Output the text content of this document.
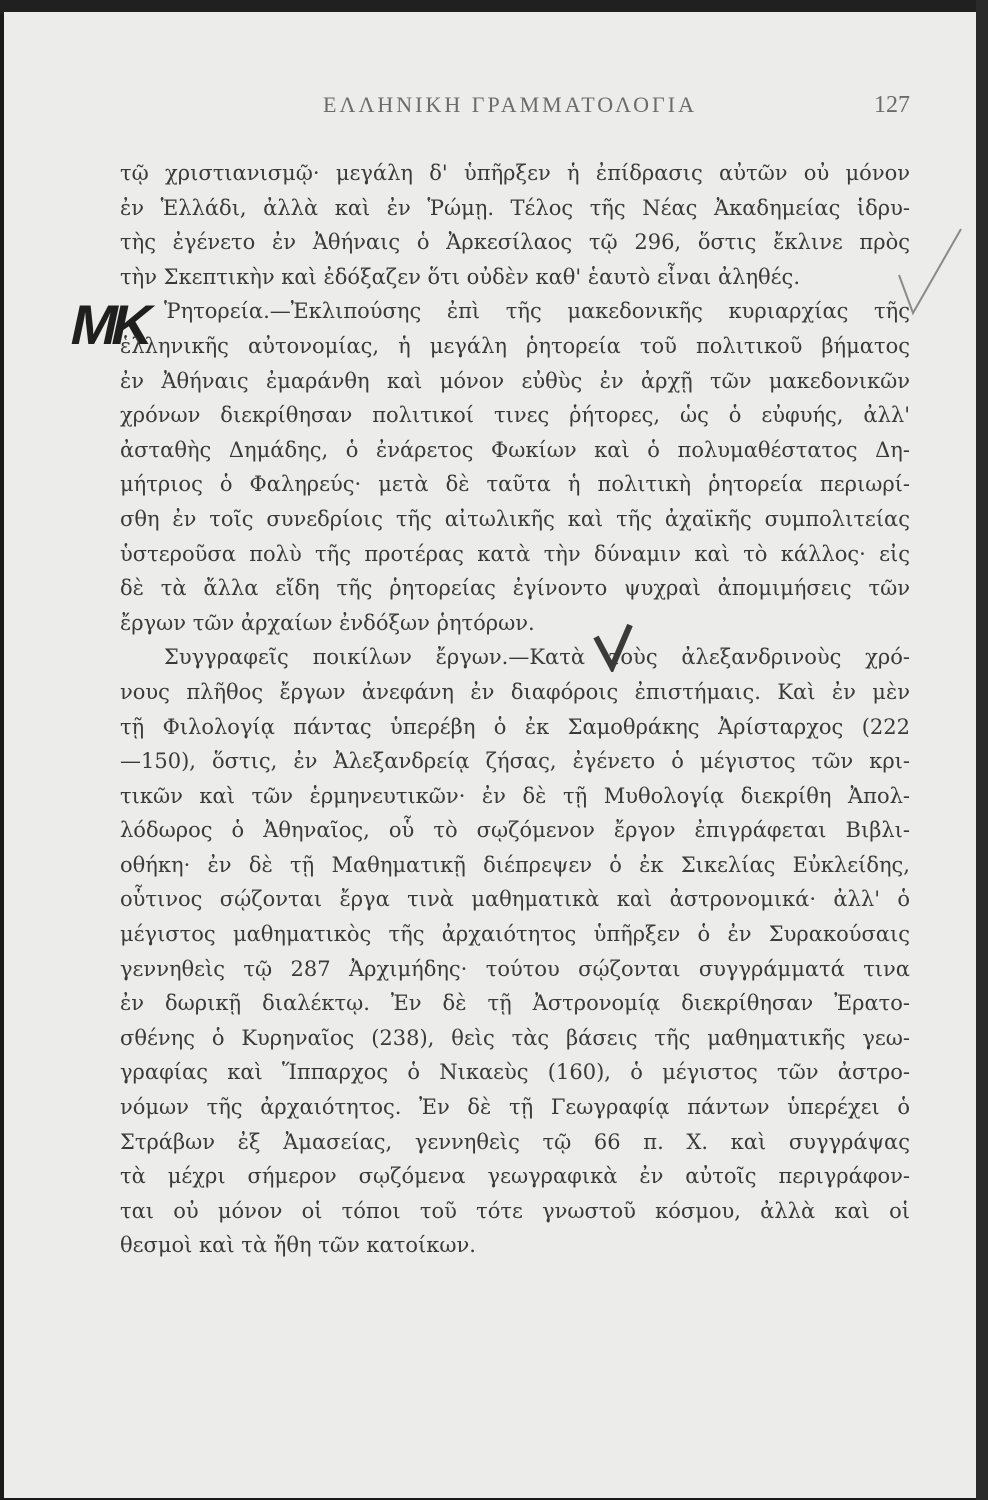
ΕΛΛΗΝΙΚΗ ΓΡΑΜΜΑΤΟΛΟΓΙΑ	127
ΜΚ
τῷ χριστιανισμῷ· μεγάλη δ' ὑπῆρξεν ἡ ἐπίδρασις αὐτῶν οὐ μόνον
ἐν Ἑλλάδι, ἀλλὰ καὶ ἐν Ῥώμῃ. Τέλος τῆς Νέας Ἀκαδημείας ἱδρυ-
τὴς ἐγένετο ἐν Ἀθήναις ὁ Ἀρκεσίλαος τῷ 296, ὅστις ἔκλινε πρὸς
τὴν Σκεπτικὴν καὶ ἐδόξαζεν ὅτι οὐδὲν καθ' ἑαυτὸ εἶναι ἀληθές.
Ῥητορεία.—Ἐκλιπούσης ἐπὶ τῆς μακεδονικῆς κυριαρχίας τῆς
ἑλληνικῆς αὐτονομίας, ἡ μεγάλη ῥητορεία τοῦ πολιτικοῦ βήματος
ἐν Ἀθήναις ἐμαράνθη καὶ μόνον εὐθὺς ἐν ἀρχῇ τῶν μακεδονικῶν
χρόνων διεκρίθησαν πολιτικοί τινες ῥήτορες, ὡς ὁ εὐφυής, ἀλλ'
ἀσταθὴς Δημάδης, ὁ ἐνάρετος Φωκίων καὶ ὁ πολυμαθέστατος Δη-
μήτριος ὁ Φαληρεύς· μετὰ δὲ ταῦτα ἡ πολιτικὴ ῥητορεία περιωρί-
σθη ἐν τοῖς συνεδρίοις τῆς αἰτωλικῆς καὶ τῆς ἀχαϊκῆς συμπολιτείας
ὑστεροῦσα πολὺ τῆς προτέρας κατὰ τὴν δύναμιν καὶ τὸ κάλλος· εἰς
δὲ τὰ ἄλλα εἴδη τῆς ῥητορείας ἐγίνοντο ψυχραὶ ἀπομιμήσεις τῶν
ἔργων τῶν ἀρχαίων ἐνδόξων ῥητόρων.
Συγγραφεῖς ποικίλων ἔργων.—Κατὰ τοὺς ἀλεξανδρινοὺς χρό-
νους πλῆθος ἔργων ἀνεφάνη ἐν διαφόροις ἐπιστήμαις. Καὶ ἐν μὲν
τῇ Φιλολογίᾳ πάντας ὑπερέβη ὁ ἐκ Σαμοθράκης Ἀρίσταρχος (222
—150), ὅστις, ἐν Ἀλεξανδρείᾳ ζήσας, ἐγένετο ὁ μέγιστος τῶν κρι-
τικῶν καὶ τῶν ἑρμηνευτικῶν· ἐν δὲ τῇ Μυθολογίᾳ διεκρίθη Ἀπολ-
λόδωρος ὁ Ἀθηναῖος, οὗ τὸ σῳζόμενον ἔργον ἐπιγράφεται Βιβλι-
οθήκη· ἐν δὲ τῇ Μαθηματικῇ διέπρεψεν ὁ ἐκ Σικελίας Εὐκλείδης,
οὗτινος σῴζονται ἔργα τινὰ μαθηματικὰ καὶ ἀστρονομικά· ἀλλ' ὁ
μέγιστος μαθηματικὸς τῆς ἀρχαιότητος ὑπῆρξεν ὁ ἐν Συρακούσαις
γεννηθεὶς τῷ 287 Ἀρχιμήδης· τούτου σῴζονται συγγράμματά τινα
ἐν δωρικῇ διαλέκτῳ. Ἐν δὲ τῇ Ἀστρονομίᾳ διεκρίθησαν Ἐρατο-
σθένης ὁ Κυρηναῖος (238), θεὶς τὰς βάσεις τῆς μαθηματικῆς γεω-
γραφίας καὶ Ἵππαρχος ὁ Νικαεὺς (160), ὁ μέγιστος τῶν ἀστρο-
νόμων τῆς ἀρχαιότητος. Ἐν δὲ τῇ Γεωγραφίᾳ πάντων ὑπερέχει ὁ
Στράβων ἐξ Ἀμασείας, γεννηθεὶς τῷ 66 π. Χ. καὶ συγγράψας
τὰ μέχρι σήμερον σῳζόμενα γεωγραφικὰ ἐν αὐτοῖς περιγράφον-
ται οὐ μόνον οἱ τόποι τοῦ τότε γνωστοῦ κόσμου, ἀλλὰ καὶ οἱ
θεσμοὶ καὶ τὰ ἤθη τῶν κατοίκων.
